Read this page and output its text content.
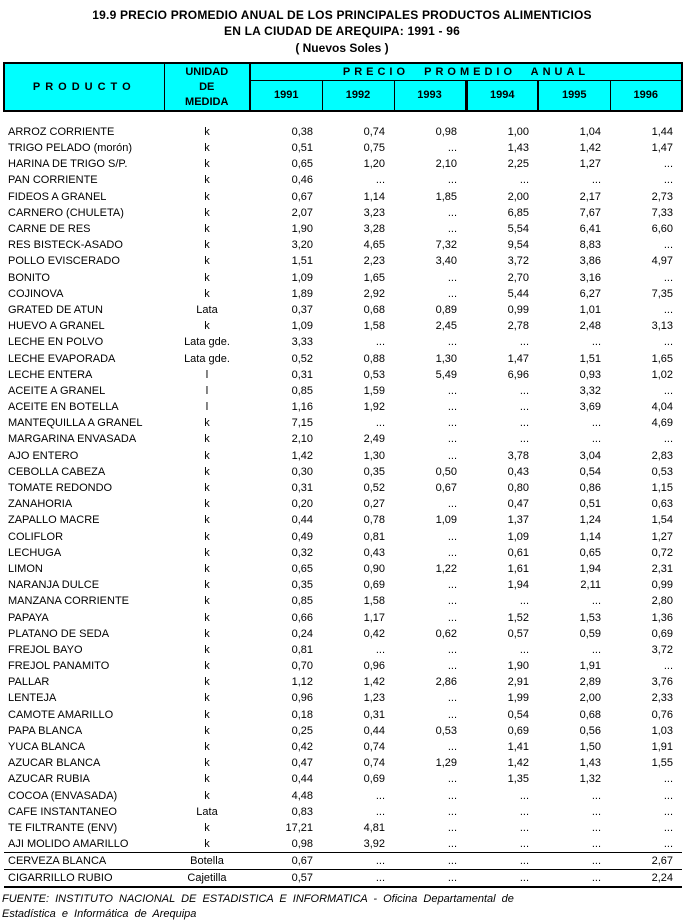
19.9 PRECIO PROMEDIO ANUAL DE LOS PRINCIPALES PRODUCTOS ALIMENTICIOS
EN LA CIUDAD DE AREQUIPA: 1991 - 96
( Nuevos Soles )
PRODUCTO	UNIDAD
DE
MEDIDA	PRECIO PROMEDIO ANUAL					
		1991	1992	1993	1994	1995	1996
ARROZ CORRIENTE	k	0,38	0,74	0,98	1,00	1,04	1,44
TRIGO PELADO (morón)	k	0,51	0,75	...	1,43	1,42	1,47
HARINA DE TRIGO S/P.	k	0,65	1,20	2,10	2,25	1,27	...
PAN CORRIENTE	k	0,46	...	...	...	...	...
FIDEOS A GRANEL	k	0,67	1,14	1,85	2,00	2,17	2,73
CARNERO (CHULETA)	k	2,07	3,23	...	6,85	7,67	7,33
CARNE DE RES	k	1,90	3,28	...	5,54	6,41	6,60
RES BISTECK-ASADO	k	3,20	4,65	7,32	9,54	8,83	...
POLLO EVISCERADO	k	1,51	2,23	3,40	3,72	3,86	4,97
BONITO	k	1,09	1,65	...	2,70	3,16	...
COJINOVA	k	1,89	2,92	...	5,44	6,27	7,35
GRATED DE ATUN	Lata	0,37	0,68	0,89	0,99	1,01	...
HUEVO A GRANEL	k	1,09	1,58	2,45	2,78	2,48	3,13
LECHE EN POLVO	Lata gde.	3,33	...	...	...	...	...
LECHE EVAPORADA	Lata gde.	0,52	0,88	1,30	1,47	1,51	1,65
LECHE ENTERA	l	0,31	0,53	5,49	6,96	0,93	1,02
ACEITE A GRANEL	l	0,85	1,59	...	...	3,32	...
ACEITE EN BOTELLA	l	1,16	1,92	...	...	3,69	4,04
MANTEQUILLA A GRANEL	k	7,15	...	...	...	...	4,69
MARGARINA ENVASADA	k	2,10	2,49	...	...	...	...
AJO ENTERO	k	1,42	1,30	...	3,78	3,04	2,83
CEBOLLA CABEZA	k	0,30	0,35	0,50	0,43	0,54	0,53
TOMATE REDONDO	k	0,31	0,52	0,67	0,80	0,86	1,15
ZANAHORIA	k	0,20	0,27	...	0,47	0,51	0,63
ZAPALLO MACRE	k	0,44	0,78	1,09	1,37	1,24	1,54
COLIFLOR	k	0,49	0,81	...	1,09	1,14	1,27
LECHUGA	k	0,32	0,43	...	0,61	0,65	0,72
LIMON	k	0,65	0,90	1,22	1,61	1,94	2,31
NARANJA DULCE	k	0,35	0,69	...	1,94	2,11	0,99
MANZANA CORRIENTE	k	0,85	1,58	...	...	...	2,80
PAPAYA	k	0,66	1,17	...	1,52	1,53	1,36
PLATANO DE SEDA	k	0,24	0,42	0,62	0,57	0,59	0,69
FREJOL BAYO	k	0,81	...	...	...	...	3,72
FREJOL PANAMITO	k	0,70	0,96	...	1,90	1,91	...
PALLAR	k	1,12	1,42	2,86	2,91	2,89	3,76
LENTEJA	k	0,96	1,23	...	1,99	2,00	2,33
CAMOTE AMARILLO	k	0,18	0,31	...	0,54	0,68	0,76
PAPA BLANCA	k	0,25	0,44	0,53	0,69	0,56	1,03
YUCA BLANCA	k	0,42	0,74	...	1,41	1,50	1,91
AZUCAR BLANCA	k	0,47	0,74	1,29	1,42	1,43	1,55
AZUCAR RUBIA	k	0,44	0,69	...	1,35	1,32	...
COCOA (ENVASADA)	k	4,48	...	...	...	...	...
CAFE INSTANTANEO	Lata	0,83	...	...	...	...	...
TE FILTRANTE (ENV)	k	17,21	4,81	...	...	...	...
AJI MOLIDO AMARILLO	k	0,98	3,92	...	...	...	...
CERVEZA BLANCA	Botella	0,67	...	...	...	...	2,67
CIGARRILLO RUBIO	Cajetilla	0,57	...	...	...	...	2,24
FUENTE: INSTITUTO NACIONAL DE ESTADISTICA E INFORMATICA - Oficina Departamental de
Estadística e Informática de Arequipa
